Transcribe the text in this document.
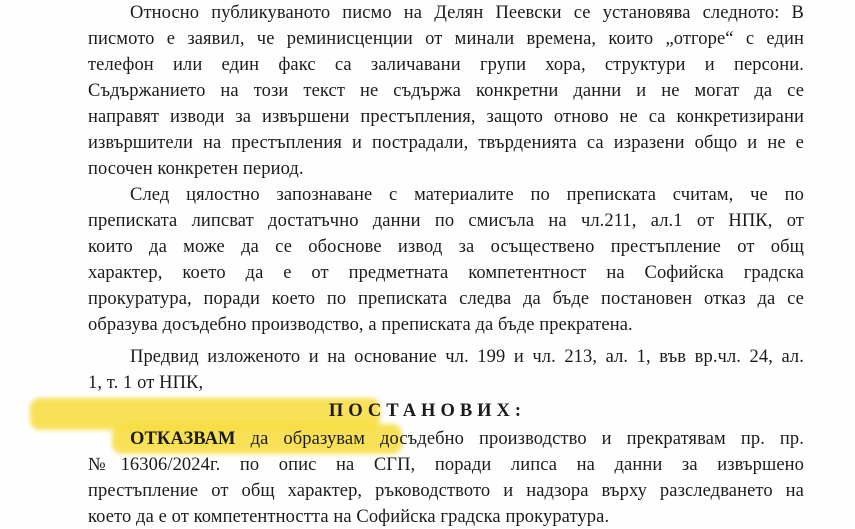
Относно публикуваното писмо на Делян Пеевски се установява следното: В
писмото е заявил, че реминисценции от минали времена, които „отгоре“ с един
телефон или един факс са заличавани групи хора, структури и персони.
Съдържанието на този текст не съдържа конкретни данни и не могат да се
направят изводи за извършени престъпления, защото отново не са конкретизирани
извършители на престъпления и пострадали, твърденията са изразени общо и не е
посочен конкретен период.
След цялостно запознаване с материалите по преписката считам, че по
преписката липсват достатъчно данни по смисъла на чл.211, ал.1 от НПК, от
които да може да се обоснове извод за осъществено престъпление от общ
характер, което да е от предметната компетентност на Софийска градска
прокуратура, поради което по преписката следва да бъде постановен отказ да се
образува досъдебно производство, а преписката да бъде прекратена.
Предвид изложеното и на основание чл. 199 и чл. 213, ал. 1, във вр.чл. 24, ал.
1, т. 1 от НПК,
ПОСТАНОВИХ:
ОТКАЗВАМ да образувам досъдебно производство и прекратявам пр. пр.
№16306/2024г. по опис на СГП, поради липса на данни за извършено
престъпление от общ характер, ръководството и надзора върху разследването на
което да е от компетентността на Софийска градска прокуратура.
